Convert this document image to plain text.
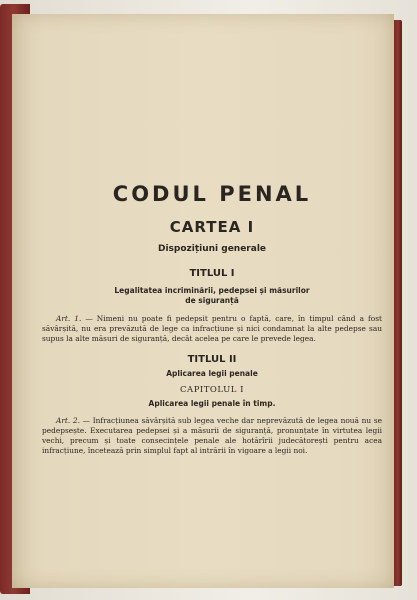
CODUL PENAL
CARTEA I
Dispozițiuni generale
TITLUL I
Legalitatea incriminării, pedepsei și măsurilor
de siguranță

Art. 1. — Nimeni nu poate fi pedepsit pentru o faptă, care, în timpul când a fost săvârșită, nu era prevăzută de lege ca infracțiune și nici condamnat la alte pedepse sau supus la alte măsuri de siguranță, decât acelea pe care le prevede legea.

TITLUL II
Aplicarea legii penale
CAPITOLUL I
Aplicarea legii penale în timp.

Art. 2. — Infracțiunea săvârșită sub legea veche dar neprevăzută de legea nouă nu se pedepsește. Executarea pedepsei și a măsurii de siguranță, pronunțate în virtutea legii vechi, precum și toate consecințele penale ale hotărîrii judecătorești pentru acea infracțiune, încetează prin simplul fapt al intrării în vigoare a legii noi.
